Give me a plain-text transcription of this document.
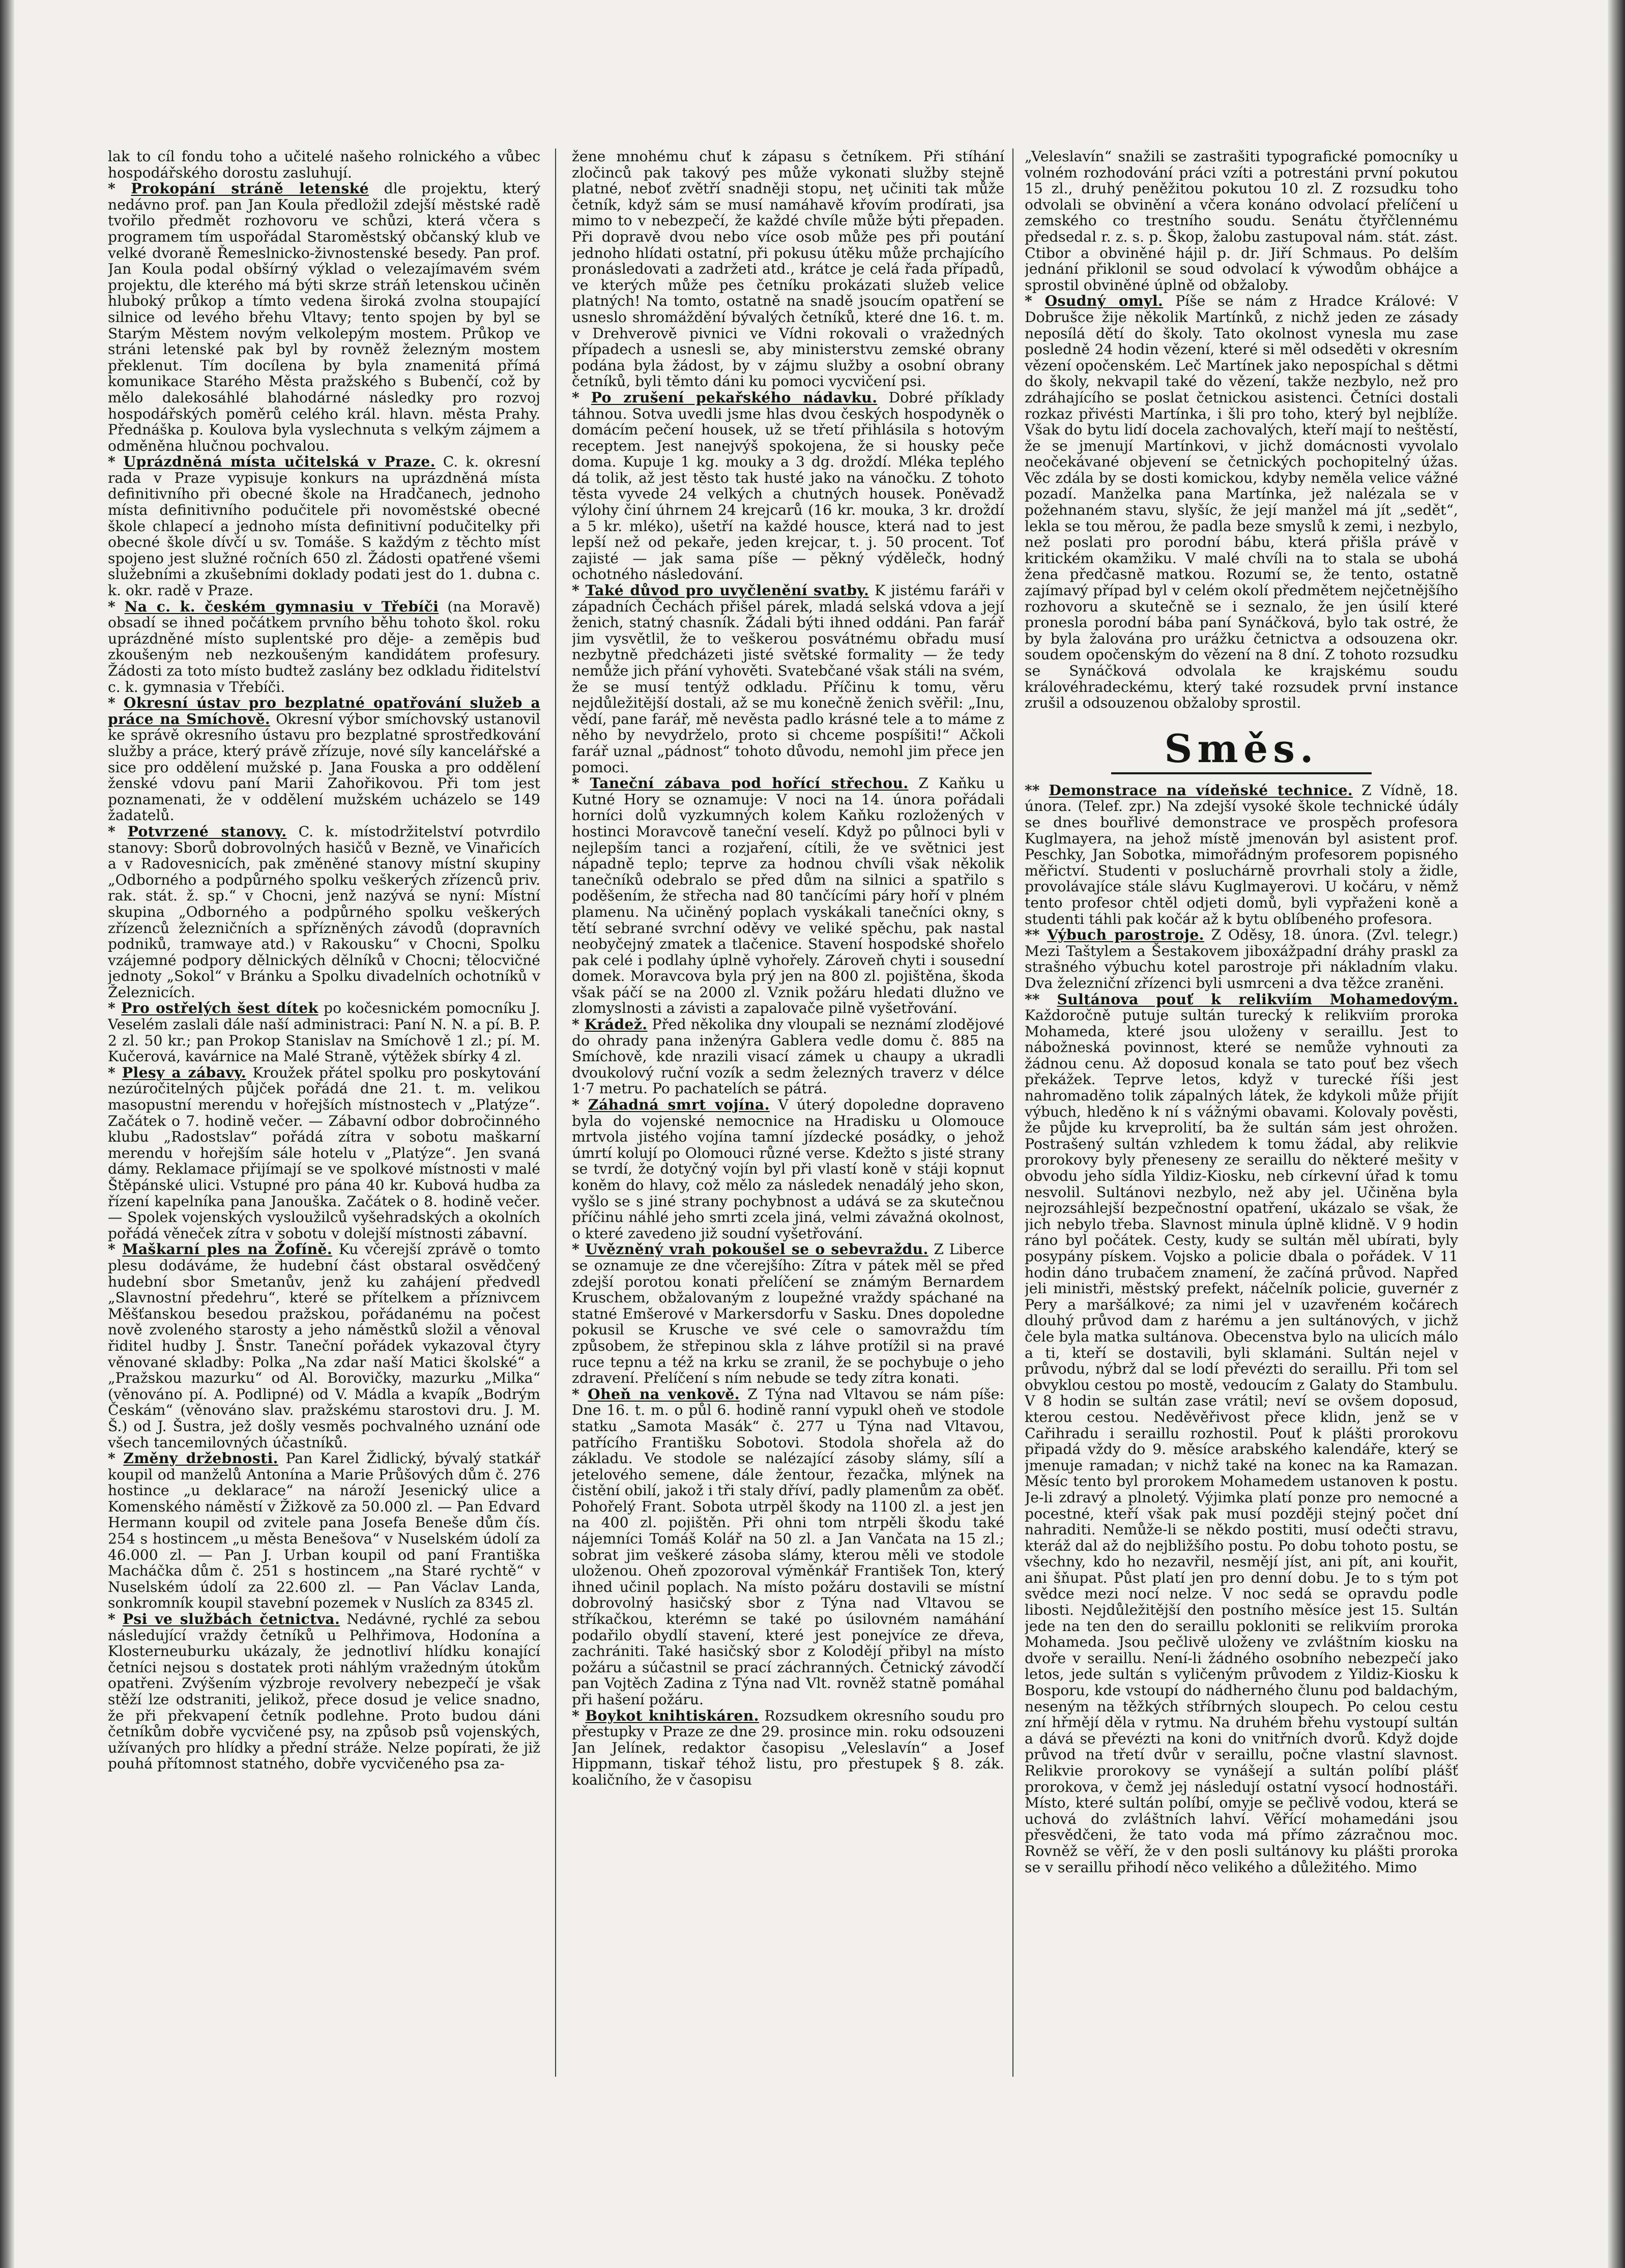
lak to cíl fondu toho a učitelé našeho rolnického a vůbec hospodářského dorostu zasluhují.

* Prokopání stráně letenské dle projektu, který nedávno prof. pan Jan Koula předložil zdejší městské radě tvořilo předmět rozhovoru ve schůzi, která včera s programem tím uspořádal Staroměstský občanský klub ve velké dvoraně Řemeslnicko-živnostenské besedy. Pan prof. Jan Koula podal obšírný výklad o velezajímavém svém projektu, dle kterého má býti skrze stráň letenskou učiněn hluboký průkop a tímto vedena široká zvolna stoupající silnice od levého břehu Vltavy; tento spojen by byl se Starým Městem novým velkolepým mostem. Průkop ve stráni letenské pak byl by rovněž železným mostem překlenut. Tím docílena by byla znamenitá přímá komunikace Starého Města pražského s Bubenčí, což by mělo dalekosáhlé blahodárné následky pro rozvoj hospodářských poměrů celého král. hlavn. města Prahy. Přednáška p. Koulova byla vyslechnuta s velkým zájmem a odměněna hlučnou pochvalou.

* Uprázdněná místa učitelská v Praze. C. k. okresní rada v Praze vypisuje konkurs na uprázdněná místa definitivního při obecné škole na Hradčanech, jednoho místa definitivního podučitele při novoměstské obecné škole chlapecí a jednoho místa definitivní podučitelky při obecné škole dívčí u sv. Tomáše. S každým z těchto míst spojeno jest služné ročních 650 zl. Žádosti opatřené všemi služebními a zkušebními doklady podati jest do 1. dubna c. k. okr. radě v Praze.

* Na c. k. českém gymnasiu v Třebíči (na Moravě) obsadí se ihned počátkem prvního běhu tohoto škol. roku uprázdněné místo suplentské pro děje- a zeměpis buď zkoušeným neb nezkoušeným kandidátem profesury. Žádosti za toto místo budtež zaslány bez odkladu řiditelství c. k. gymnasia v Třebíči.

* Okresní ústav pro bezplatné opatřování služeb a práce na Smíchově. Okresní výbor smíchovský ustanovil ke správě okresního ústavu pro bezplatné sprostředkování služby a práce, který právě zřízuje, nové síly kancelářské a sice pro oddělení mužské p. Jana Fouska a pro oddělení ženské vdovu paní Marii Zahořikovou. Při tom jest poznamenati, že v oddělení mužském ucházelo se 149 žadatelů.

* Potvrzené stanovy. C. k. místodržitelství potvrdilo stanovy: Sborů dobrovolných hasičů v Bezně, ve Vinařicích a v Radovesnicích, pak změněné stanovy místní skupiny „Odborného a podpůrného spolku veškerých zřízenců priv. rak. stát. ž. sp.“ v Chocni, jenž nazývá se nyní: Místní skupina „Odborného a podpůrného spolku veškerých zřízenců železničních a spřízněných závodů (dopravních podniků, tramwaye atd.) v Rakousku“ v Chocni, Spolku vzájemné podpory dělnických dělníků v Chocni; tělocvičné jednoty „Sokol“ v Bránku a Spolku divadelních ochotníků v Železnicích.

* Pro ostřelých šest dítek po kočesnickém pomocníku J. Veselém zaslali dále naší administraci: Paní N. N. a pí. B. P. 2 zl. 50 kr.; pan Prokop Stanislav na Smíchově 1 zl.; pí. M. Kučerová, kavárnice na Malé Straně, výtěžek sbírky 4 zl.

* Plesy a zábavy. Kroužek přátel spolku pro poskytování nezúročitelných půjček pořádá dne 21. t. m. velikou masopustní merendu v hořejších místnostech v „Platýze“. Začátek o 7. hodině večer. — Zábavní odbor dobročinného klubu „Radostslav“ pořádá zítra v sobotu maškarní merendu v hořejším sále hotelu v „Platýze“. Jen svaná dámy. Reklamace přijímají se ve spolkové místnosti v malé Štěpánské ulici. Vstupné pro pána 40 kr. Kubová hudba za řízení kapelníka pana Janouška. Začátek o 8. hodině večer. — Spolek vojenských vysloužilců vyšehradských a okolních pořádá věneček zítra v sobotu v dolejší místnosti zábavní.

* Maškarní ples na Žofíně. Ku včerejší zprávě o tomto plesu dodáváme, že hudební část obstaral osvědčený hudební sbor Smetanův, jenž ku zahájení předvedl „Slavnostní předehru“, které se přítelkem a příznivcem Měšťanskou besedou pražskou, pořádanému na počest nově zvoleného starosty a jeho náměstků složil a věnoval řiditel hudby J. Šnstr. Taneční pořádek vykazoval čtyry věnované skladby: Polka „Na zdar naší Matici školské“ a „Pražskou mazurku“ od Al. Borovičky, mazurku „Milka“ (věnováno pí. A. Podlipné) od V. Mádla a kvapík „Bodrým Českám“ (věnováno slav. pražskému starostovi dru. J. M. Š.) od J. Šustra, jež došly vesměs pochvalného uznání ode všech tancemilovných účastníků.

* Změny držebnosti. Pan Karel Židlický, bývalý statkář koupil od manželů Antonína a Marie Průšových dům č. 276 hostince „u deklarace“ na nároží Jesenický ulice a Komenského náměstí v Žižkově za 50.000 zl. — Pan Edvard Hermann koupil od zvitele pana Josefa Beneše dům čís. 254 s hostincem „u města Benešova“ v Nuselském údolí za 46.000 zl. — Pan J. Urban koupil od paní Františka Macháčka dům č. 251 s hostincem „na Staré rychtě“ v Nuselském údolí za 22.600 zl. — Pan Václav Landa, sonkromník koupil stavební pozemek v Nuslích za 8345 zl.

* Psi ve službách četnictva. Nedávné, rychlé za sebou následující vraždy četníků u Pelhřimova, Hodonína a Klosterneuburku ukázaly, že jednotliví hlídku konající četníci nejsou s dostatek proti náhlým vražedným útokům opatřeni. Zvýšením výzbroje revolvery nebezpečí je však stěží lze odstraniti, jelikož, přece dosud je velice snadno, že při překvapení četník podlehne. Proto budou dáni četníkům dobře vycvičené psy, na způsob psů vojenských, užívaných pro hlídky a přední stráže. Nelze popírati, že již pouhá přítomnost statného, dobře vycvičeného psa za-

žene mnohému chuť k zápasu s četníkem. Při stíhání zločinců pak takový pes může vykonati služby stejně platné, neboť zvětří snadněji stopu, neţ učiniti tak může četník, když sám se musí namáhavě křovím prodírati, jsa mimo to v nebezpečí, že každé chvíle může býti přepaden. Při dopravě dvou nebo více osob může pes při poutání jednoho hlídati ostatní, při pokusu útěku může prchajícího pronásledovati a zadržeti atd., krátce je celá řada případů, ve kterých může pes četníku prokázati služeb velice platných! Na tomto, ostatně na snadě jsoucím opatření se usneslo shromáždění bývalých četníků, které dne 16. t. m. v Drehverově pivnici ve Vídni rokovali o vražedných případech a usnesli se, aby ministerstvu zemské obrany podána byla žádost, by v zájmu služby a osobní obrany četníků, byli těmto dáni ku pomoci vycvičení psi.

* Po zrušení pekařského nádavku. Dobré příklady táhnou. Sotva uvedli jsme hlas dvou českých hospodyněk o domácím pečení housek, už se třetí přihlásila s hotovým receptem. Jest nanejvýš spokojena, že si housky peče doma. Kupuje 1 kg. mouky a 3 dg. droždí. Mléka teplého dá tolik, až jest těsto tak husté jako na vánočku. Z tohoto těsta vyvede 24 velkých a chutných housek. Poněvadž výlohy činí úhrnem 24 krejcarů (16 kr. mouka, 3 kr. droždí a 5 kr. mléko), ušetří na každé housce, která nad to jest lepší než od pekaře, jeden krejcar, t. j. 50 procent. Toť zajisté — jak sama píše — pěkný výdělečk, hodný ochotného následování.

* Také důvod pro uvyčlenění svatby. K jistému faráři v západních Čechách přišel párek, mladá selská vdova a její ženich, statný chasník. Žádali býti ihned oddáni. Pan farář jim vysvětlil, že to veškerou posvátnému obřadu musí nezbytně předcházeti jisté světské formality — že tedy nemůže jich přání vyhověti. Svatebčané však stáli na svém, že se musí tentýž odkladu. Příčinu k tomu, věru nejdůležitější dostali, až se mu konečně ženich svěřil: „Inu, vědí, pane farář, mě nevěsta padlo krásné tele a to máme z něho by nevydrželo, proto si chceme pospíšiti!“ Ačkoli farář uznal „pádnost“ tohoto důvodu, nemohl jim přece jen pomoci.

* Taneční zábava pod hořící střechou. Z Kaňku u Kutné Hory se oznamuje: V noci na 14. února pořádali horníci dolů vyzkumných kolem Kaňku rozložených v hostinci Moravcově taneční veselí. Když po půlnoci byli v nejlepším tanci a rozjaření, cítili, že ve světnici jest nápadně teplo; teprve za hodnou chvíli však několik tanečníků odebralo se před dům na silnici a spatřilo s poděšením, že střecha nad 80 tančícími páry hoří v plném plamenu. Na učiněný poplach vyskákali tanečníci okny, s tětí sebrané svrchní oděvy ve veliké spěchu, pak nastal neobyčejný zmatek a tlačenice. Stavení hospodské shořelo pak celé i podlahy úplně vyhořely. Zároveň chyti i sousední domek. Moravcova byla prý jen na 800 zl. pojištěna, škoda však páčí se na 2000 zl. Vznik požáru hledati dlužno ve zlomyslnosti a závisti a zapalovače pilně vyšetřování.

* Krádež. Před několika dny vloupali se neznámí zlodějové do ohrady pana inženýra Gablera vedle domu č. 885 na Smíchově, kde nrazili visací zámek u chaupy a ukradli dvoukolový ruční vozík a sedm železných traverz v délce 1·7 metru. Po pachatelích se pátrá.

* Záhadná smrt vojína. V úterý dopoledne dopraveno byla do vojenské nemocnice na Hradisku u Olomouce mrtvola jistého vojína tamní jízdecké posádky, o jehož úmrtí kolují po Olomouci různé verse. Kdežto s jisté strany se tvrdí, že dotyčný vojín byl při vlastí koně v stáji kopnut koněm do hlavy, což mělo za následek nenadálý jeho skon, vyšlo se s jiné strany pochybnost a udává se za skutečnou příčinu náhlé jeho smrti zcela jiná, velmi závažná okolnost, o které zavedeno již soudní vyšetřování.

* Uvězněný vrah pokoušel se o sebevraždu. Z Liberce se oznamuje ze dne včerejšího: Zítra v pátek měl se před zdejší porotou konati přelíčení se známým Bernardem Kruschem, obžalovaným z loupežné vraždy spáchané na statné Emšerové v Markersdorfu v Sasku. Dnes dopoledne pokusil se Krusche ve své cele o samovraždu tím způsobem, že střepinou skla z láhve protížil si na pravé ruce tepnu a též na krku se zranil, že se pochybuje o jeho zdravení. Přelíčení s ním nebude se tedy zítra konati.

* Oheň na venkově. Z Týna nad Vltavou se nám píše: Dne 16. t. m. o půl 6. hodině ranní vypukl oheň ve stodole statku „Samota Masák“ č. 277 u Týna nad Vltavou, patřícího Františku Sobotovi. Stodola shořela až do základu. Ve stodole se nalézající zásoby slámy, sílí a jetelového semene, dále žentour, řezačka, mlýnek na čistění obilí, jakož i tři staly dříví, padly plamenům za oběť. Pohořelý Frant. Sobota utrpěl škody na 1100 zl. a jest jen na 400 zl. pojištěn. Při ohni tom ntrpěli škodu také nájemníci Tomáš Kolář na 50 zl. a Jan Vančata na 15 zl.; sobrat jim veškeré zásoba slámy, kterou měli ve stodole uloženou. Oheň zpozoroval výměnkář František Ton, který ihned učinil poplach. Na místo požáru dostavili se místní dobrovolný hasičský sbor z Týna nad Vltavou se stříkačkou, kterémn se také po úsilovném namáhání podařilo obydlí stavení, které jest ponejvíce ze dřeva, zachrániti. Také hasičský sbor z Kolodějí přibyl na místo požáru a súčastnil se prací záchranných. Četnický závodčí pan Vojtěch Zadina z Týna nad Vlt. rovněž statně pomáhal při hašení požáru.

* Boykot knihtiskáren. Rozsudkem okresního soudu pro přestupky v Praze ze dne 29. prosince min. roku odsouzeni Jan Jelínek, redaktor časopisu „Veleslavín“ a Josef Hippmann, tiskař téhož listu, pro přestupek § 8. zák. koaličního, že v časopisu

„Veleslavín“ snažili se zastrašiti typografické pomocníky u volném rozhodování práci vzíti a potrestáni první pokutou 15 zl., druhý peněžitou pokutou 10 zl. Z rozsudku toho odvolali se obvinění a včera konáno odvolací přelíčení u zemského co trestního soudu. Senátu čtyřčlennému předsedal r. z. s. p. Škop, žalobu zastupoval nám. stát. zást. Ctibor a obviněné hájil p. dr. Jiří Schmaus. Po delším jednání přiklonil se soud odvolací k výwodům obhájce a sprostil obviněné úplně od obžaloby.

* Osudný omyl. Píše se nám z Hradce Králové: V Dobrušce žije několik Martínků, z nichž jeden ze zásady neposílá dětí do školy. Tato okolnost vynesla mu zase posledně 24 hodin vězení, které si měl odseděti v okresním vězení opočenském. Leč Martínek jako nepospíchal s dětmi do školy, nekvapil také do vězení, takže nezbylo, než pro zdráhajícího se poslat četnickou asistenci. Četníci dostali rozkaz přivésti Martínka, i šli pro toho, který byl nejblíže. Však do bytu lidí docela zachovalých, kteří mají to neštěstí, že se jmenují Martínkovi, v jichž domácnosti vyvolalo neočekávané objevení se četnických pochopitelný úžas. Věc zdála by se dosti komickou, kdyby neměla velice vážné pozadí. Manželka pana Martínka, jež nalézala se v požehnaném stavu, slyšíc, že její manžel má jít „sedět“, lekla se tou měrou, že padla beze smyslů k zemi, i nezbylo, než poslati pro porodní bábu, která přišla právě v kritickém okamžiku. V malé chvíli na to stala se ubohá žena předčasně matkou. Rozumí se, že tento, ostatně zajímavý případ byl v celém okolí předmětem nejčetnějšího rozhovoru a skutečně se i seznalo, že jen úsilí které pronesla porodní bába paní Synáčková, bylo tak ostré, že by byla žalována pro urážku četnictva a odsouzena okr. soudem opočenským do vězení na 8 dní. Z tohoto rozsudku se Synáčková odvolala ke krajskému soudu královéhradeckému, který také rozsudek první instance zrušil a odsouzenou obžaloby sprostil.

Směs.

** Demonstrace na vídeňské technice. Z Vídně, 18. února. (Telef. zpr.) Na zdejší vysoké škole technické údály se dnes bouřlivé demonstrace ve prospěch profesora Kuglmayera, na jehož místě jmenován byl asistent prof. Peschky, Jan Sobotka, mimořádným profesorem popisného měřictví. Studenti v posluchárně provrhali stoly a židle, provolávajíce stále slávu Kuglmayerovi. U kočáru, v němž tento profesor chtěl odjeti domů, byli vypřaženi koně a studenti táhli pak kočár až k bytu oblíbeného profesora.

** Výbuch parostroje. Z Oděsy, 18. února. (Zvl. telegr.) Mezi Taštylem a Šestakovem jiboxážpadní dráhy praskl za strašného výbuchu kotel parostroje při nákladním vlaku. Dva železniční zřízenci byli usmrceni a dva těžce zraněni.

** Sultánova pouť k relikviím Mohamedovým. Každoročně putuje sultán turecký k relikviím proroka Mohameda, které jsou uloženy v seraillu. Jest to nábožneská povinnost, které se nemůže vyhnouti za žádnou cenu. Až doposud konala se tato pouť bez všech překážek. Teprve letos, když v turecké říši jest nahromaděno tolik zápalných látek, že kdykoli může přijít výbuch, hleděno k ní s vážnými obavami. Kolovaly pověsti, že půjde ku krveprolití, ba že sultán sám jest ohrožen. Postrašený sultán vzhledem k tomu žádal, aby relikvie prorokovy byly přeneseny ze seraillu do některé mešity v obvodu jeho sídla Yildiz-Kiosku, neb církevní úřad k tomu nesvolil. Sultánovi nezbylo, než aby jel. Učiněna byla nejrozsáhlejší bezpečnostní opatření, ukázalo se však, že jich nebylo třeba. Slavnost minula úplně klidně. V 9 hodin ráno byl počátek. Cesty, kudy se sultán měl ubírati, byly posypány pískem. Vojsko a policie dbala o pořádek. V 11 hodin dáno trubačem znamení, že začíná průvod. Napřed jeli ministři, městský prefekt, náčelník policie, guvernér z Pery a maršálkové; za nimi jel v uzavřeném kočárech dlouhý průvod dam z harému a jen sultánových, v jichž čele byla matka sultánova. Obecenstva bylo na ulicích málo a ti, kteří se dostavili, byli sklamáni. Sultán nejel v průvodu, nýbrž dal se lodí převézti do seraillu. Při tom sel obvyklou cestou po mostě, vedoucím z Galaty do Stambulu. V 8 hodin se sultán zase vrátil; neví se ovšem doposud, kterou cestou. Neděvěřivost přece klidn, jenž se v Cařihradu i seraillu rozhostil. Pouť k plášti prorokovu připadá vždy do 9. měsíce arabského kalendáře, který se jmenuje ramadan; v nichž také na konec na ka Ramazan. Měsíc tento byl prorokem Mohamedem ustanoven k postu. Je-li zdravý a plnoletý. Výjimka platí ponze pro nemocné a pocestné, kteří však pak musí později stejný počet dní nahraditi. Nemůže-li se někdo postiti, musí odečti stravu, kteráž dal až do nejbližšího postu. Po dobu tohoto postu, se všechny, kdo ho nezavřil, nesmějí jíst, ani pít, ani kouřit, ani šňupat. Půst platí jen pro denní dobu. Je to s tým pot svědce mezi nocí nelze. V noc sedá se opravdu podle libosti. Nejdůležitější den postního měsíce jest 15. Sultán jede na ten den do seraillu pokloniti se relikviím proroka Mohameda. Jsou pečlivě uloženy ve zvláštním kiosku na dvoře v seraillu. Není-li žádného osobního nebezpečí jako letos, jede sultán s vyličeným průvodem z Yildiz-Kiosku k Bosporu, kde vstoupí do nádherného člunu pod baldachým, neseným na těžkých stříbrných sloupech. Po celou cestu zní hřmějí děla v rytmu. Na druhém břehu vystoupí sultán a dává se převézti na koni do vnitřních dvorů. Když dojde průvod na třetí dvůr v seraillu, počne vlastní slavnost. Relikvie prorokovy se vynášejí a sultán políbí plášť prorokova, v čemž jej následují ostatní vysocí hodnostáři. Místo, které sultán políbí, omyje se pečlivě vodou, která se uchová do zvláštních lahví. Věřící mohamedáni jsou přesvědčeni, že tato voda má přímo zázračnou moc. Rovněž se věří, že v den posli sultánovy ku plášti proroka se v seraillu přihodí něco velikého a důležitého. Mimo
